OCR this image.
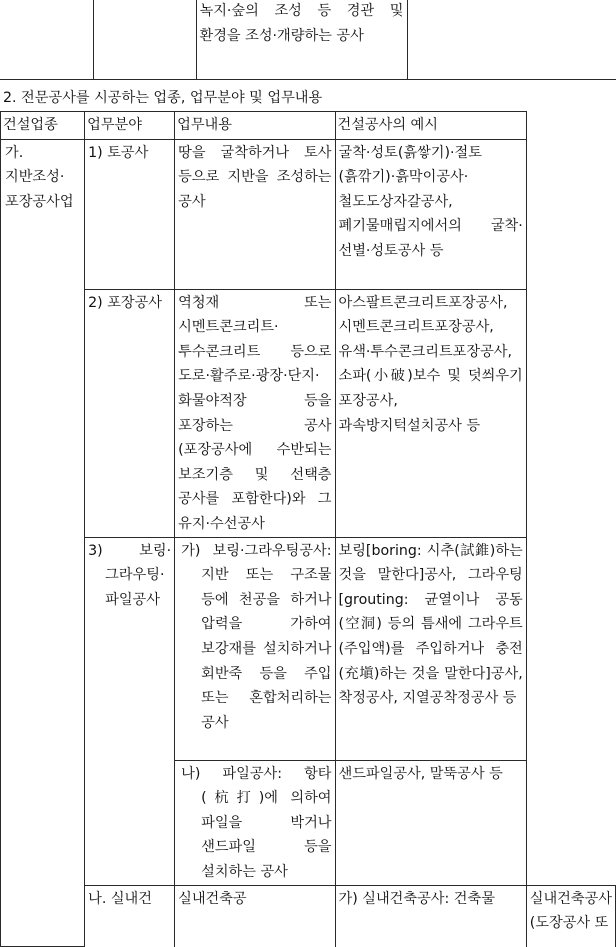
		녹지·숲의 조성 등 경관 및 환경을 조성·개량하는 공사	
2. 전문공사를 시공하는 업종, 업무분야 및 업무내용
건설업종	업무분야	업무내용	건설공사의 예시	
가. 지반조성·포장공사업	1) 토공사	땅을 굴착하거나 토사 등으로 지반을 조성하는 공사	굴착·성토(흙쌓기)·절토(흙깎기)·흙막이공사·철도도상자갈공사, 폐기물매립지에서의 굴착·선별·성토공사 등	
	2) 포장공사	역청재 또는 시멘트콘크리트·투수콘크리트 등으로 도로·활주로·광장·단지·화물야적장 등을 포장하는 공사(포장공사에 수반되는 보조기층 및 선택층 공사를 포함한다)와 그 유지·수선공사	아스팔트콘크리트포장공사, 시멘트콘크리트포장공사, 유색·투수콘크리트포장공사, 소파(小破)보수 및 덧씌우기 포장공사, 과속방지턱설치공사 등	
	3) 보링·그라우팅·파일공사	가) 보링·그라우팅공사: 지반 또는 구조물 등에 천공을 하거나 압력을 가하여 보강재를 설치하거나 회반죽 등을 주입 또는 혼합처리하는 공사	보링[boring: 시추(試錐)하는 것을 말한다]공사, 그라우팅[grouting: 균열이나 공동(空洞) 등의 틈새에 그라우트(주입액)를 주입하거나 충전(充塡)하는 것을 말한다]공사, 착정공사, 지열공착정공사 등	
		나) 파일공사: 항타(杭打)에 의하여 파일을 박거나 샌드파일 등을 설치하는 공사	샌드파일공사, 말뚝공사 등	
	나. 실내건	실내건축공	가) 실내건축공사: 건축물	실내건축공사(도장공사 또
